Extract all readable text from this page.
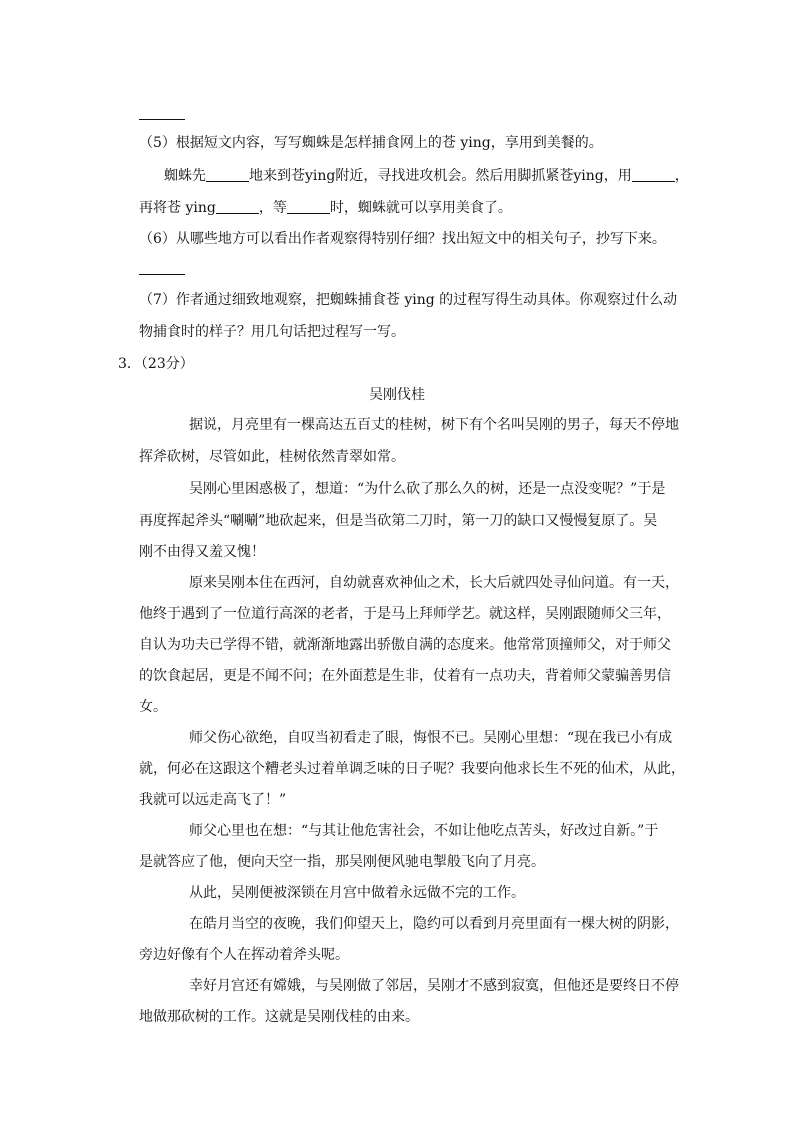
（5）根据短文内容，写写蜘蛛是怎样捕食网上的苍 ying，享用到美餐的。
蜘蛛先	地来到苍ying附近，寻找进攻机会。然后用脚抓紧苍ying，用	，
再将苍 ying	，等	时，蜘蛛就可以享用美食了。
（6）从哪些地方可以看出作者观察得特别仔细？找出短文中的相关句子，抄写下来。
（7）作者通过细致地观察，把蜘蛛捕食苍 ying 的过程写得生动具体。你观察过什么动
物捕食时的样子？用几句话把过程写一写。
3．（23分）
吴刚伐桂
据说，月亮里有一棵高达五百丈的桂树，树下有个名叫吴刚的男子，每天不停地
挥斧砍树，尽管如此，桂树依然青翠如常。
吴刚心里困惑极了，想道：“为什么砍了那么久的树，还是一点没变呢？”于是
再度挥起斧头“唰唰”地砍起来，但是当砍第二刀时，第一刀的缺口又慢慢复原了。吴
刚不由得又羞又愧！
原来吴刚本住在西河，自幼就喜欢神仙之术，长大后就四处寻仙问道。有一天，
他终于遇到了一位道行高深的老者，于是马上拜师学艺。就这样，吴刚跟随师父三年，
自认为功夫已学得不错，就渐渐地露出骄傲自满的态度来。他常常顶撞师父，对于师父
的饮食起居，更是不闻不问；在外面惹是生非，仗着有一点功夫，背着师父蒙骗善男信
女。
师父伤心欲绝，自叹当初看走了眼，悔恨不已。吴刚心里想：“现在我已小有成
就，何必在这跟这个糟老头过着单调乏味的日子呢？我要向他求长生不死的仙术，从此，
我就可以远走高飞了！”
师父心里也在想：“与其让他危害社会，不如让他吃点苦头，好改过自新。”于
是就答应了他，便向天空一指，那吴刚便风驰电掣般飞向了月亮。
从此，吴刚便被深锁在月宫中做着永远做不完的工作。
在皓月当空的夜晚，我们仰望天上，隐约可以看到月亮里面有一棵大树的阴影，
旁边好像有个人在挥动着斧头呢。
幸好月宫还有嫦娥，与吴刚做了邻居，吴刚才不感到寂寞，但他还是要终日不停
地做那砍树的工作。这就是吴刚伐桂的由来。
